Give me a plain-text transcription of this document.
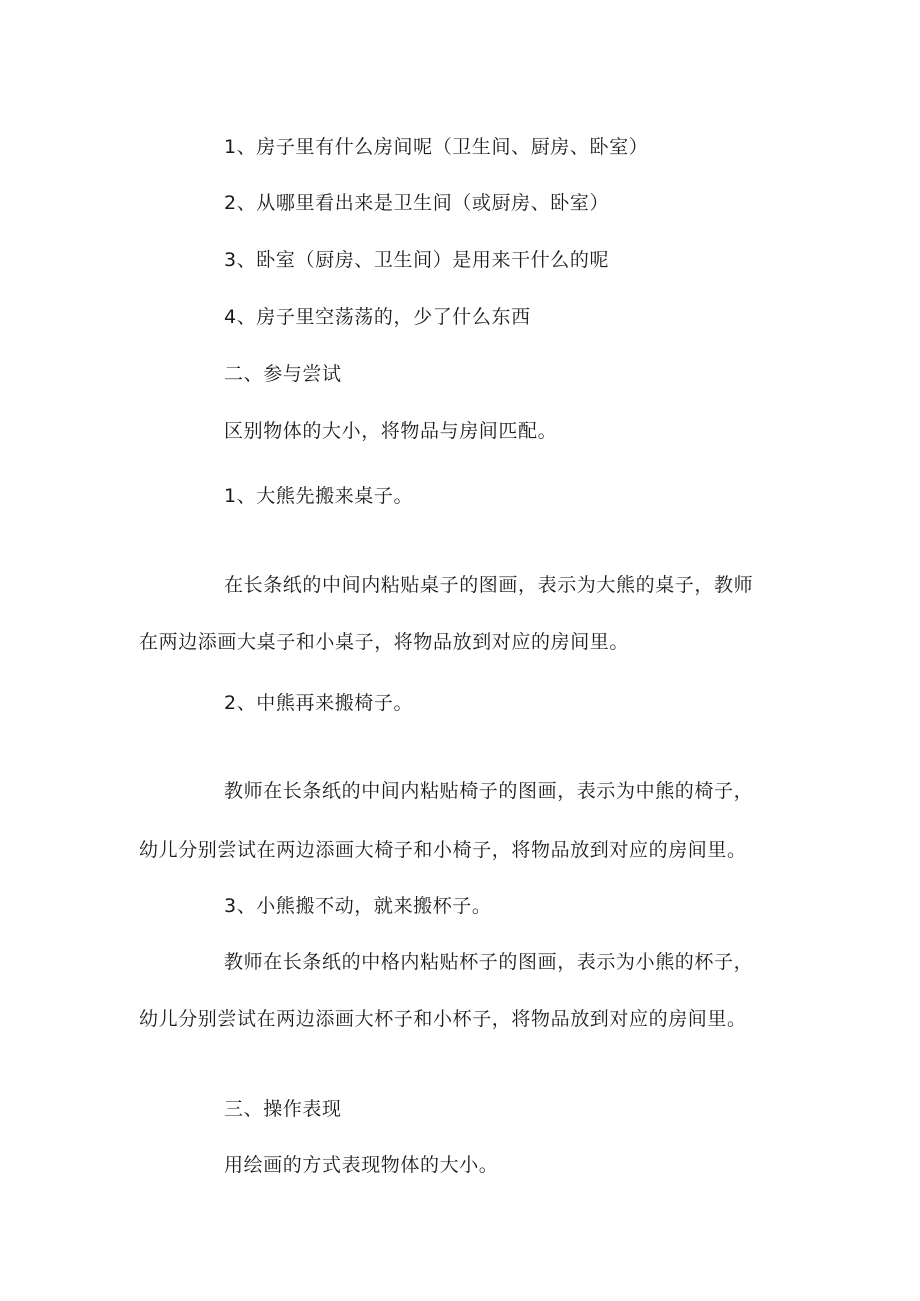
1、房子里有什么房间呢（卫生间、厨房、卧室）
2、从哪里看出来是卫生间（或厨房、卧室）
3、卧室（厨房、卫生间）是用来干什么的呢
4、房子里空荡荡的，少了什么东西
二、参与尝试
区别物体的大小，将物品与房间匹配。
1、大熊先搬来桌子。
在长条纸的中间内粘贴桌子的图画，表示为大熊的桌子，教师
在两边添画大桌子和小桌子，将物品放到对应的房间里。
2、中熊再来搬椅子。
教师在长条纸的中间内粘贴椅子的图画，表示为中熊的椅子，
幼儿分别尝试在两边添画大椅子和小椅子，将物品放到对应的房间里。
3、小熊搬不动，就来搬杯子。
教师在长条纸的中格内粘贴杯子的图画，表示为小熊的杯子，
幼儿分别尝试在两边添画大杯子和小杯子，将物品放到对应的房间里。
三、操作表现
用绘画的方式表现物体的大小。
